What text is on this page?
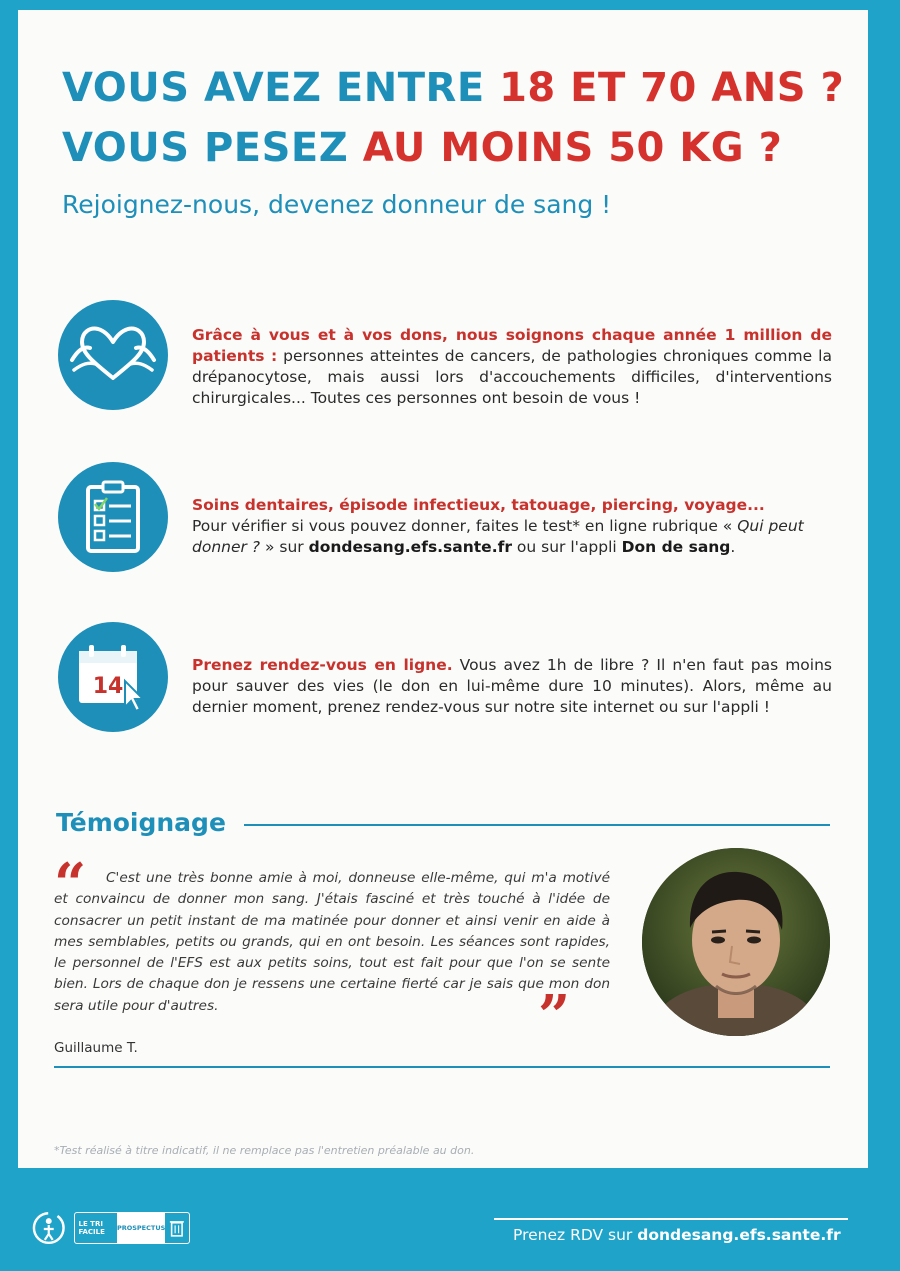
VOUS AVEZ ENTRE 18 ET 70 ANS ?
VOUS PESEZ AU MOINS 50 KG ?
Rejoignez-nous, devenez donneur de sang !
Grâce à vous et à vos dons, nous soignons chaque année 1 million de patients : personnes atteintes de cancers, de pathologies chroniques comme la drépanocytose, mais aussi lors d'accouchements difficiles, d'interventions chirurgicales... Toutes ces personnes ont besoin de vous !
Soins dentaires, épisode infectieux, tatouage, piercing, voyage...
Pour vérifier si vous pouvez donner, faites le test* en ligne rubrique « Qui peut donner ? » sur dondesang.efs.sante.fr ou sur l'appli Don de sang.
14
Prenez rendez-vous en ligne. Vous avez 1h de libre ? Il n'en faut pas moins pour sauver des vies (le don en lui-même dure 10 minutes). Alors, même au dernier moment, prenez rendez-vous sur notre site internet ou sur l'appli !
Témoignage
“	C'est une très bonne amie à moi, donneuse elle-même, qui m'a motivé et convaincu de donner mon sang. J'étais fasciné et très touché à l'idée de consacrer un petit instant de ma matinée pour donner et ainsi venir en aide à mes semblables, petits ou grands, qui en ont besoin. Les séances sont rapides, le personnel de l'EFS est aux petits soins, tout est fait pour que l'on se sente bien. Lors de chaque don je ressens une certaine fierté car je sais que mon don sera utile pour d'autres.	”
Guillaume T.
*Test réalisé à titre indicatif, il ne remplace pas l'entretien préalable au don.
LE TRI
FACILE	PROSPECTUS	Prenez RDV sur dondesang.efs.sante.fr
